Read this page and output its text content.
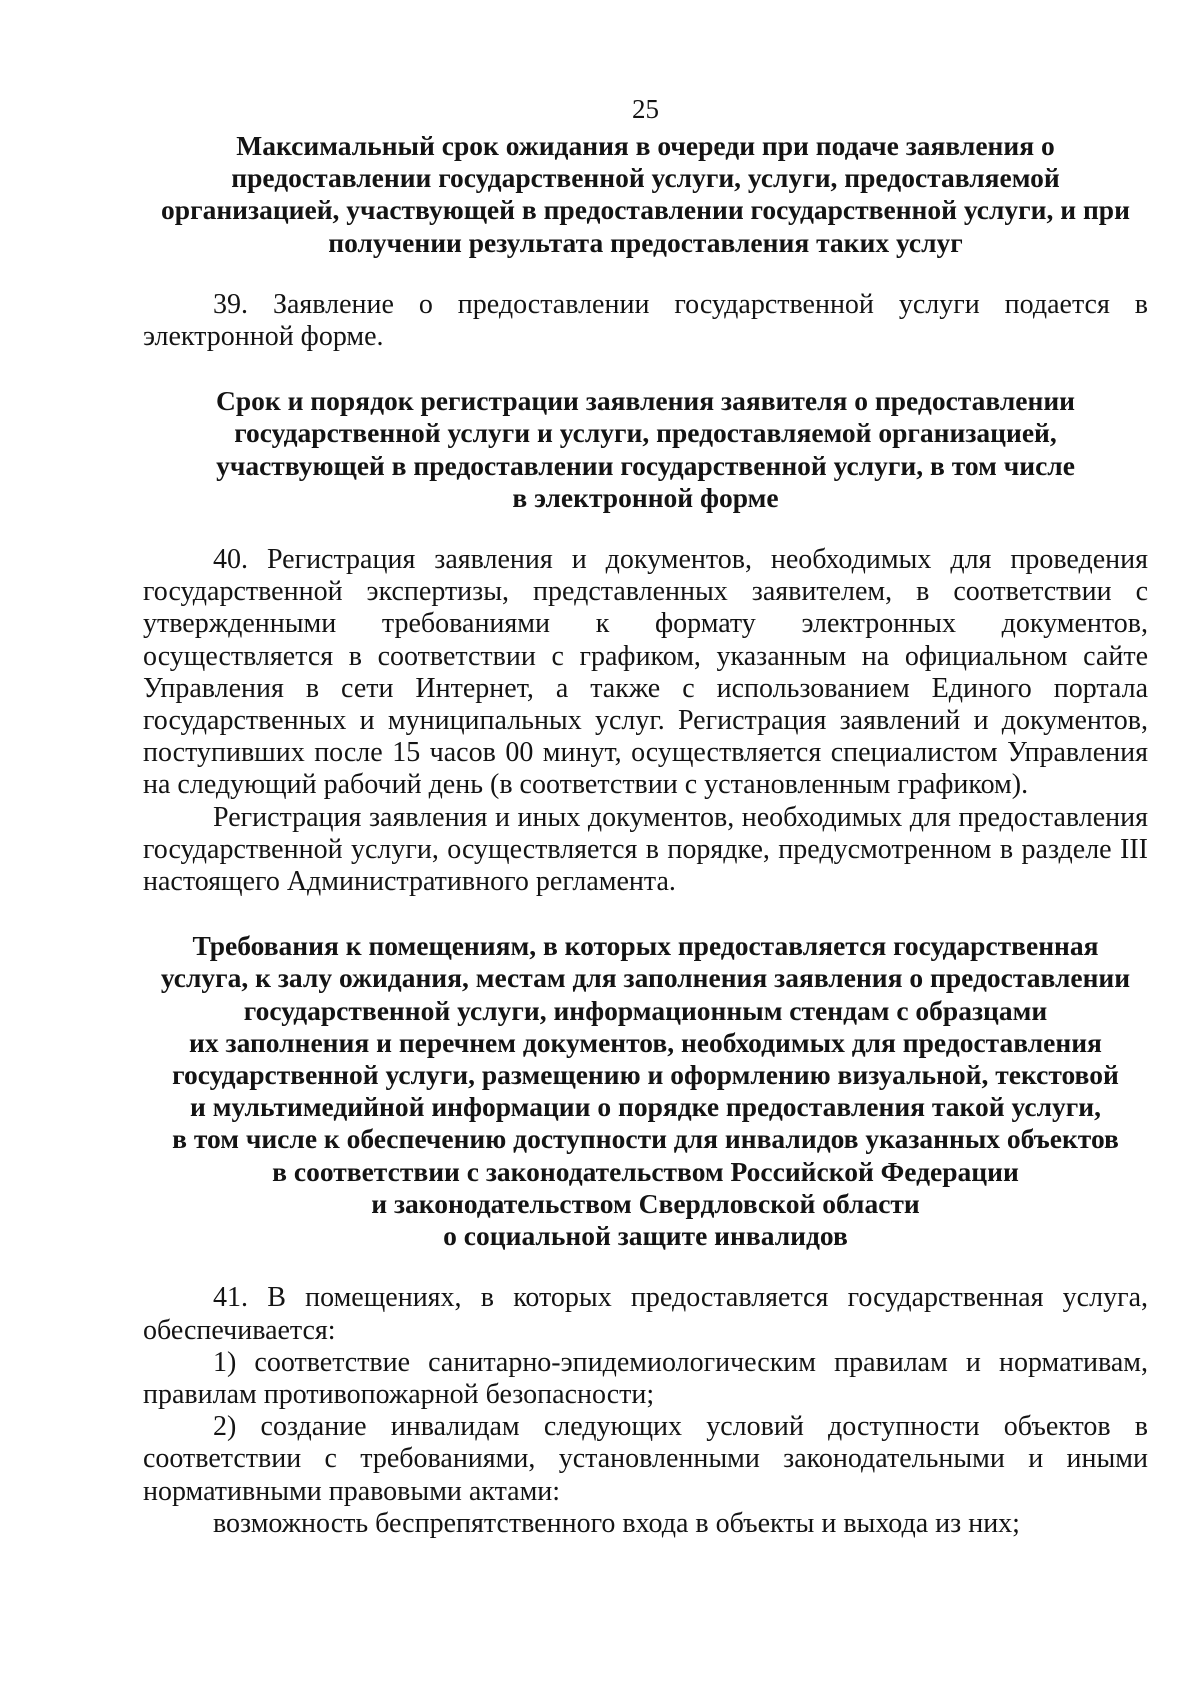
25
Максимальный срок ожидания в очереди при подаче заявления о
предоставлении государственной услуги, услуги, предоставляемой
организацией, участвующей в предоставлении государственной услуги, и при
получении результата предоставления таких услуг

39. Заявление о предоставлении государственной услуги подается в электронной форме.

Срок и порядок регистрации заявления заявителя о предоставлении
государственной услуги и услуги, предоставляемой организацией,
участвующей в предоставлении государственной услуги, в том числе
в электронной форме

40. Регистрация заявления и документов, необходимых для проведения государственной экспертизы, представленных заявителем, в соответствии с утвержденными требованиями к формату электронных документов, осуществляется в соответствии с графиком, указанным на официальном сайте Управления в сети Интернет, а также с использованием Единого портала государственных и муниципальных услуг. Регистрация заявлений и документов, поступивших после 15 часов 00 минут, осуществляется специалистом Управления на следующий рабочий день (в соответствии с установленным графиком).

Регистрация заявления и иных документов, необходимых для предоставления государственной услуги, осуществляется в порядке, предусмотренном в разделе III настоящего Административного регламента.

Требования к помещениям, в которых предоставляется государственная
услуга, к залу ожидания, местам для заполнения заявления о предоставлении
государственной услуги, информационным стендам с образцами
их заполнения и перечнем документов, необходимых для предоставления
государственной услуги, размещению и оформлению визуальной, текстовой
и мультимедийной информации о порядке предоставления такой услуги,
в том числе к обеспечению доступности для инвалидов указанных объектов
в соответствии с законодательством Российской Федерации
и законодательством Свердловской области
о социальной защите инвалидов

41. В помещениях, в которых предоставляется государственная услуга, обеспечивается:

1) соответствие санитарно-эпидемиологическим правилам и нормативам, правилам противопожарной безопасности;

2) создание инвалидам следующих условий доступности объектов в соответствии с требованиями, установленными законодательными и иными нормативными правовыми актами:

возможность беспрепятственного входа в объекты и выхода из них;
